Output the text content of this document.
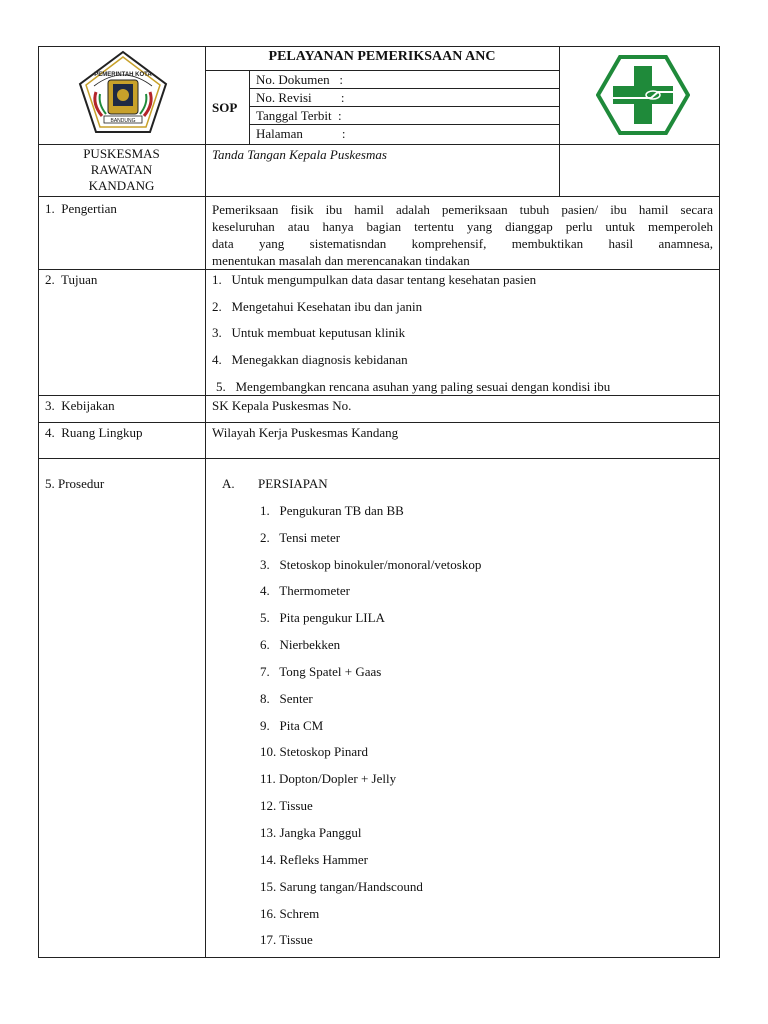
PEMERINTAH KOTA
BANDUNG
PELAYANAN PEMERIKSAAN ANC
SOP
No. Dokumen   :
No. Revisi         :
Tanggal Terbit  :
Halaman            :
PUSKESMAS
RAWATAN
KANDANG
Tanda Tangan Kepala Puskesmas
1.  Pengertian	Pemeriksaan fisik ibu hamil adalah pemeriksaan tubuh pasien/ ibu hamil secara
keseluruhan atau hanya bagian tertentu yang dianggap perlu untuk memperoleh
data yang sistematisndan komprehensif, membuktikan hasil anamnesa,
menentukan masalah dan merencanakan tindakan
2.  Tujuan	1.   Untuk mengumpulkan data dasar tentang kesehatan pasien
2.   Mengetahui Kesehatan ibu dan janin
3.   Untuk membuat keputusan klinik
4.   Menegakkan diagnosis kebidanan
5.   Mengembangkan rencana asuhan yang paling sesuai dengan kondisi ibu
3.  Kebijakan	SK Kepala Puskesmas No.
4.  Ruang Lingkup	Wilayah Kerja Puskesmas Kandang
5. Prosedur	A. PERSIAPAN
1.   Pengukuran TB dan BB
2.   Tensi meter
3.   Stetoskop binokuler/monoral/vetoskop
4.   Thermometer
5.   Pita pengukur LILA
6.   Nierbekken
7.   Tong Spatel + Gaas
8.   Senter
9.   Pita CM
10. Stetoskop Pinard
11. Dopton/Dopler + Jelly
12. Tissue
13. Jangka Panggul
14. Refleks Hammer
15. Sarung tangan/Handscound
16. Schrem
17. Tissue
